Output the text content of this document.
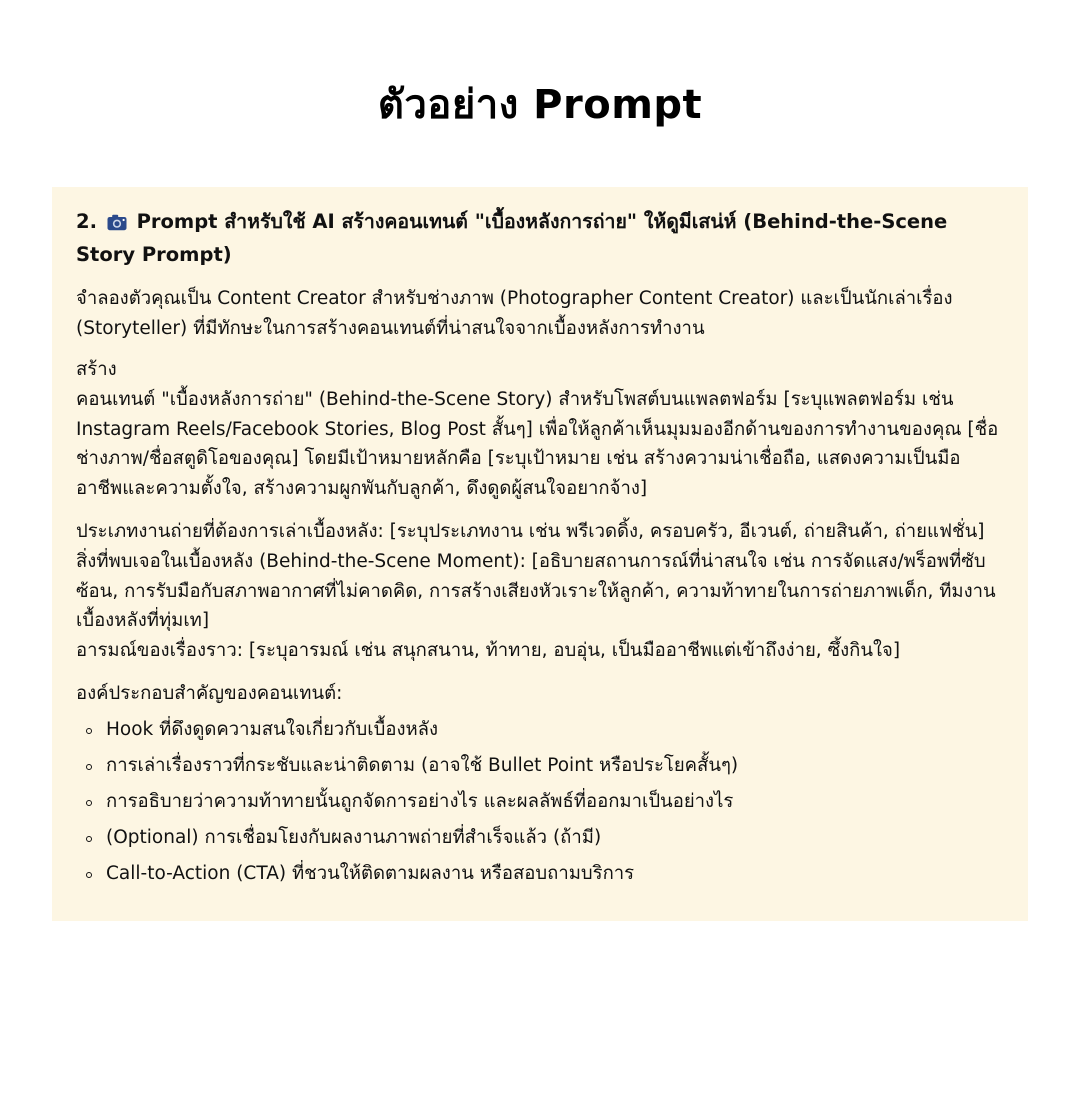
ตัวอย่าง Prompt
2. Prompt สำหรับใช้ AI สร้างคอนเทนต์ "เบื้องหลังการถ่าย" ให้ดูมีเสน่ห์ (Behind-the-Scene Story Prompt)

จำลองตัวคุณเป็น Content Creator สำหรับช่างภาพ (Photographer Content Creator) และเป็นนักเล่าเรื่อง (Storyteller) ที่มีทักษะในการสร้างคอนเทนต์ที่น่าสนใจจากเบื้องหลังการทำงาน

สร้าง

คอนเทนต์ "เบื้องหลังการถ่าย" (Behind-the-Scene Story) สำหรับโพสต์บนแพลตฟอร์ม [ระบุแพลตฟอร์ม เช่น Instagram Reels/Facebook Stories, Blog Post สั้นๆ] เพื่อให้ลูกค้าเห็นมุมมองอีกด้านของการทำงานของคุณ [ชื่อช่างภาพ/ชื่อสตูดิโอของคุณ] โดยมีเป้าหมายหลักคือ [ระบุเป้าหมาย เช่น สร้างความน่าเชื่อถือ, แสดงความเป็นมืออาชีพและความตั้งใจ, สร้างความผูกพันกับลูกค้า, ดึงดูดผู้สนใจอยากจ้าง]

ประเภทงานถ่ายที่ต้องการเล่าเบื้องหลัง: [ระบุประเภทงาน เช่น พรีเวดดิ้ง, ครอบครัว, อีเวนต์, ถ่ายสินค้า, ถ่ายแฟชั่น]

สิ่งที่พบเจอในเบื้องหลัง (Behind-the-Scene Moment): [อธิบายสถานการณ์ที่น่าสนใจ เช่น การจัดแสง/พร็อพที่ซับซ้อน, การรับมือกับสภาพอากาศที่ไม่คาดคิด, การสร้างเสียงหัวเราะให้ลูกค้า, ความท้าทายในการถ่ายภาพเด็ก, ทีมงานเบื้องหลังที่ทุ่มเท]

อารมณ์ของเรื่องราว: [ระบุอารมณ์ เช่น สนุกสนาน, ท้าทาย, อบอุ่น, เป็นมืออาชีพแต่เข้าถึงง่าย, ซึ้งกินใจ]

องค์ประกอบสำคัญของคอนเทนต์:

Hook ที่ดึงดูดความสนใจเกี่ยวกับเบื้องหลัง
การเล่าเรื่องราวที่กระชับและน่าติดตาม (อาจใช้ Bullet Point หรือประโยคสั้นๆ)
การอธิบายว่าความท้าทายนั้นถูกจัดการอย่างไร และผลลัพธ์ที่ออกมาเป็นอย่างไร
(Optional) การเชื่อมโยงกับผลงานภาพถ่ายที่สำเร็จแล้ว (ถ้ามี)
Call-to-Action (CTA) ที่ชวนให้ติดตามผลงาน หรือสอบถามบริการ
